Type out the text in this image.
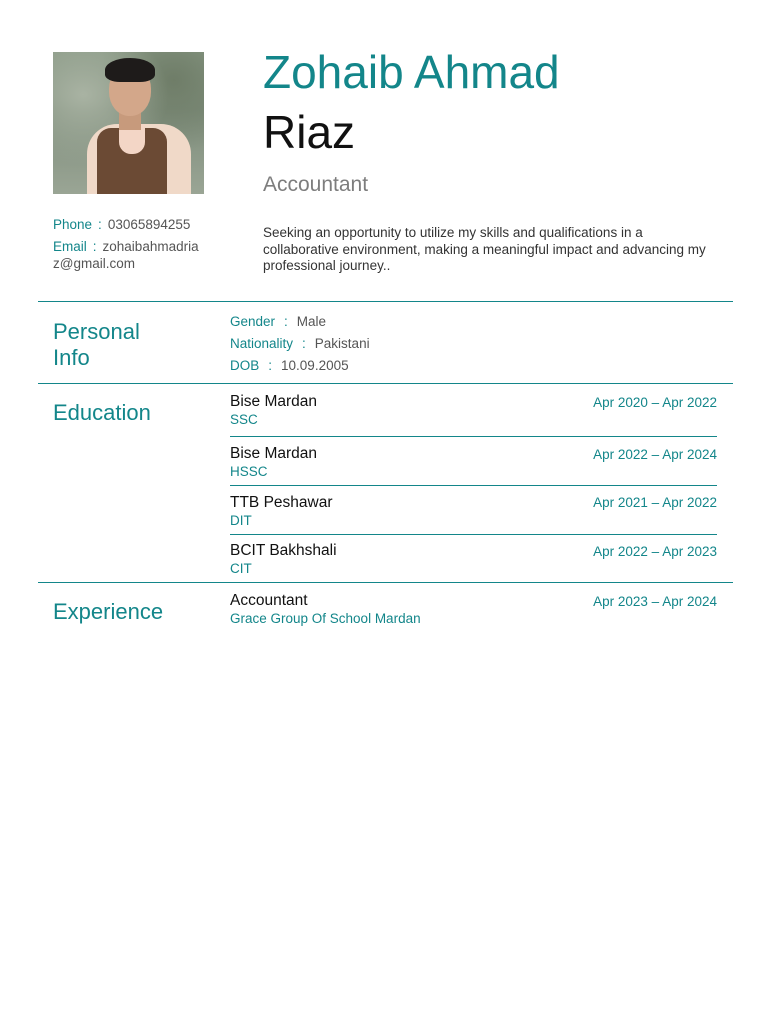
Zohaib Ahmad
Riaz
Accountant
Phone : 03065894255
Email : zohaibahmadria
z@gmail.com
Seeking an opportunity to utilize my skills and qualifications in a collaborative environment, making a meaningful impact and advancing my professional journey..
Personal
Info
Gender : Male
Nationality : Pakistani
DOB : 10.09.2005
Education	Bise Mardan	Apr 2020 – Apr 2022
SSC
Bise Mardan	Apr 2022 – Apr 2024
HSSC
TTB Peshawar	Apr 2021 – Apr 2022
DIT
BCIT Bakhshali	Apr 2022 – Apr 2023
CIT
Experience	Accountant	Apr 2023 – Apr 2024
Grace Group Of School Mardan
